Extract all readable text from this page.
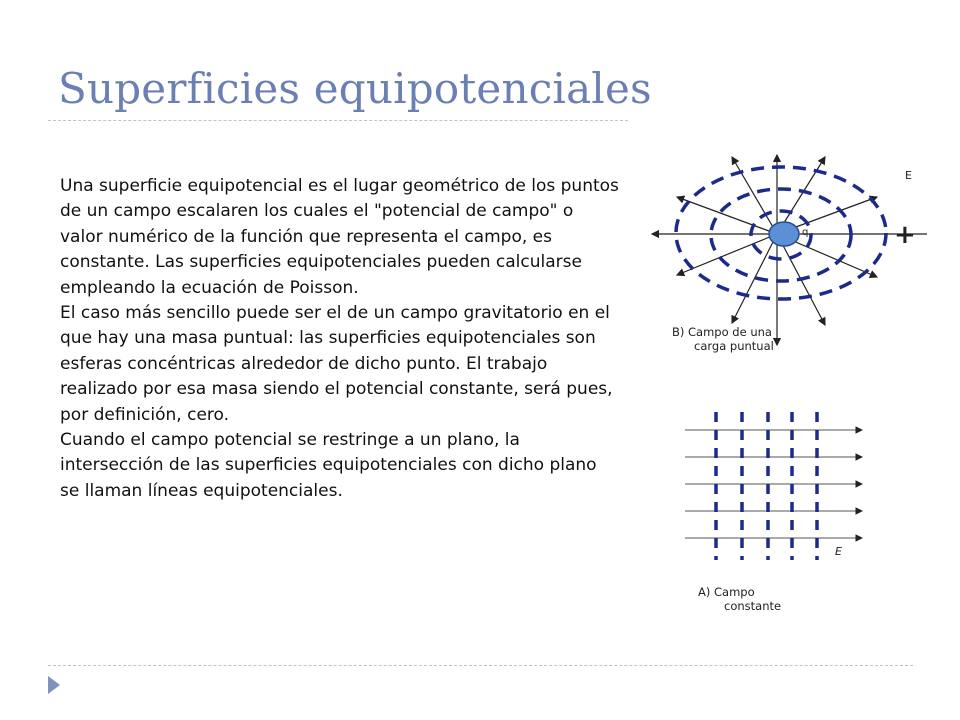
Superficies equipotenciales

Una superficie equipotencial es el lugar geométrico de los puntos de un campo escalaren los cuales el "potencial de campo" o valor numérico de la función que representa el campo, es constante. Las superficies equipotenciales pueden calcularse empleando la ecuación de Poisson.

El caso más sencillo puede ser el de un campo gravitatorio en el que hay una masa puntual: las superficies equipotenciales son esferas concéntricas alrededor de dicho punto. El trabajo realizado por esa masa siendo el potencial constante, será pues, por definición, cero.

Cuando el campo potencial se restringe a un plano, la intersección de las superficies equipotenciales con dicho plano se llaman líneas equipotenciales.

q	+
E
B) Campo de una
carga puntual
E
A) Campo
constante
